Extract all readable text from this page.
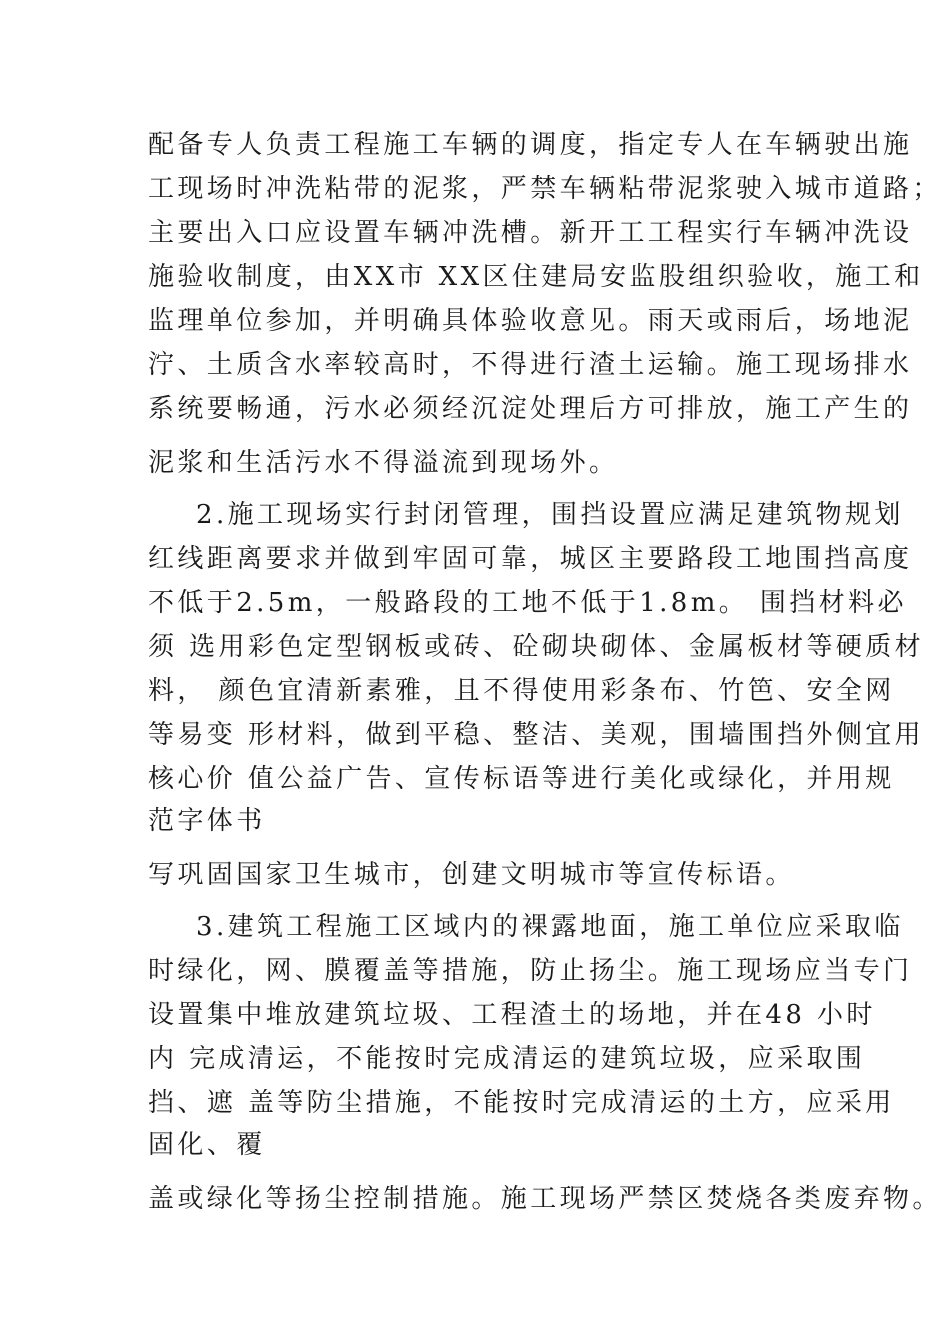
配备专人负责工程施工车辆的调度，指定专人在车辆驶出施
工现场时冲洗粘带的泥浆，严禁车辆粘带泥浆驶入城市道路；
主要出入口应设置车辆冲洗槽。新开工工程实行车辆冲洗设
施验收制度，由XX市 XX区住建局安监股组织验收，施工和
监理单位参加，并明确具体验收意见。雨天或雨后，场地泥
泞、土质含水率较高时，不得进行渣土运输。施工现场排水
系统要畅通，污水必须经沉淀处理后方可排放，施工产生的
泥浆和生活污水不得溢流到现场外。
2.施工现场实行封闭管理，围挡设置应满足建筑物规划
红线距离要求并做到牢固可靠，城区主要路段工地围挡高度
不低于2.5m，一般路段的工地不低于1.8m。 围挡材料必
须 选用彩色定型钢板或砖、砼砌块砌体、金属板材等硬质材
料， 颜色宜清新素雅，且不得使用彩条布、竹笆、安全网
等易变 形材料，做到平稳、整洁、美观，围墙围挡外侧宜用
核心价 值公益广告、宣传标语等进行美化或绿化，并用规
范字体书
写巩固国家卫生城市，创建文明城市等宣传标语。
3.建筑工程施工区域内的裸露地面，施工单位应采取临
时绿化，网、膜覆盖等措施，防止扬尘。施工现场应当专门
设置集中堆放建筑垃圾、工程渣土的场地，并在48 小时
内 完成清运，不能按时完成清运的建筑垃圾，应采取围
挡、遮 盖等防尘措施，不能按时完成清运的土方，应采用
固化、覆
盖或绿化等扬尘控制措施。施工现场严禁区焚烧各类废弃物。
